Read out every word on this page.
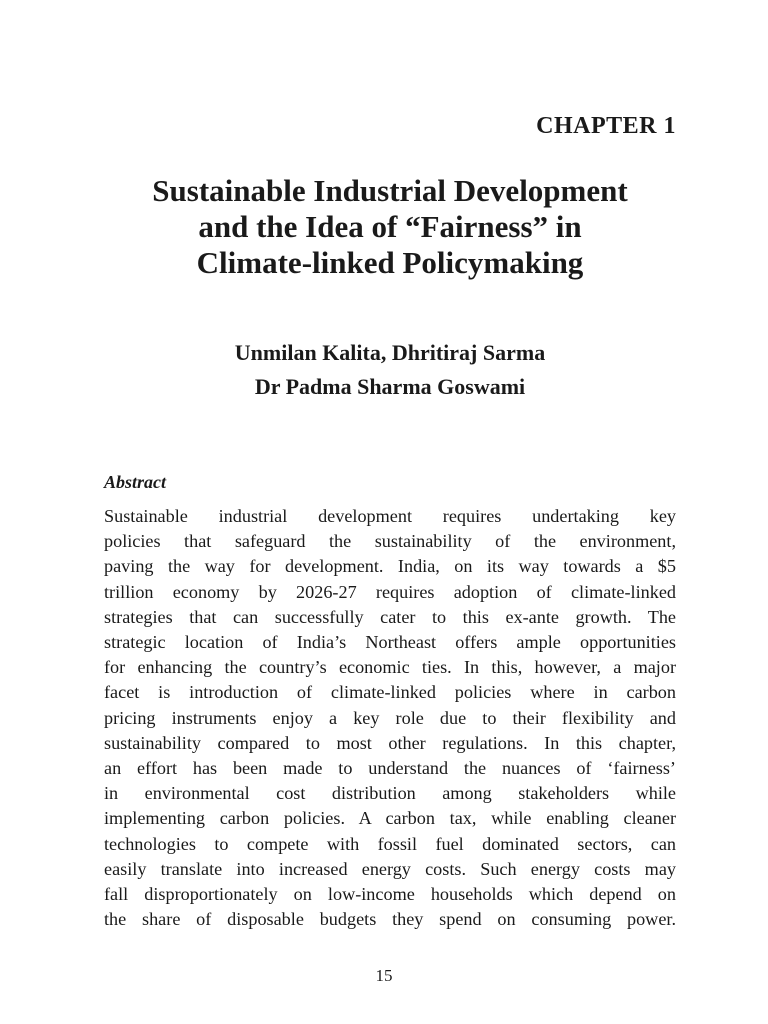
CHAPTER 1
Sustainable Industrial Development
and the Idea of “Fairness” in
Climate-linked Policymaking
Unmilan Kalita, Dhritiraj Sarma
Dr Padma Sharma Goswami
Abstract

Sustainable industrial development requires undertaking key
policies that safeguard the sustainability of the environment,
paving the way for development. India, on its way towards a $5
trillion economy by 2026-27 requires adoption of climate-linked
strategies that can successfully cater to this ex-ante growth. The
strategic location of India’s Northeast offers ample opportunities
for enhancing the country’s economic ties. In this, however, a major
facet is introduction of climate-linked policies where in carbon
pricing instruments enjoy a key role due to their flexibility and
sustainability compared to most other regulations. In this chapter,
an effort has been made to understand the nuances of ‘fairness’
in environmental cost distribution among stakeholders while
implementing carbon policies. A carbon tax, while enabling cleaner
technologies to compete with fossil fuel dominated sectors, can
easily translate into increased energy costs. Such energy costs may
fall disproportionately on low-income households which depend on
the share of disposable budgets they spend on consuming power.

15
